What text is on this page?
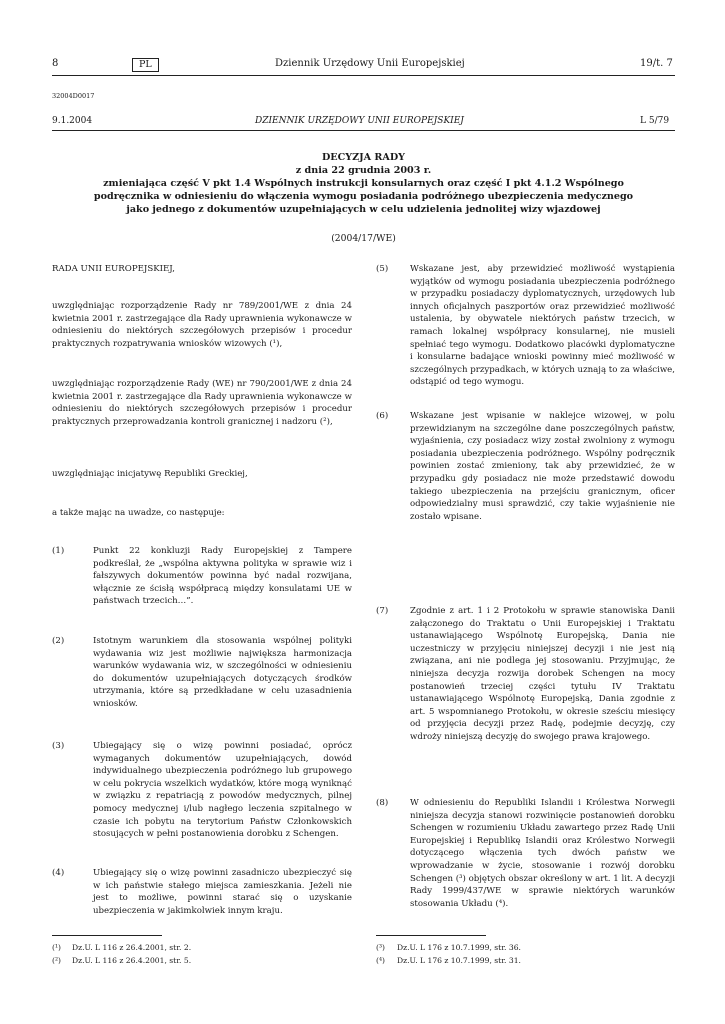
8	PL	Dziennik Urzędowy Unii Europejskiej	19/t. 7
32004D0017
9.1.2004	DZIENNIK URZĘDOWY UNII EUROPEJSKIEJ	L 5/79
DECYZJA RADY
z dnia 22 grudnia 2003 r.
zmieniająca część V pkt 1.4 Wspólnych instrukcji konsularnych oraz część I pkt 4.1.2 Wspólnego
podręcznika w odniesieniu do włączenia wymogu posiadania podróżnego ubezpieczenia medycznego
jako jednego z dokumentów uzupełniających w celu udzielenia jednolitej wizy wjazdowej
(2004/17/WE)
RADA UNII EUROPEJSKIEJ,
uwzględniając rozporządzenie Rady nr 789/2001/WE z dnia 24 kwietnia 2001 r. zastrzegające dla Rady uprawnienia wykonawcze w odniesieniu do niektórych szczegółowych przepisów i procedur praktycznych rozpatrywania wniosków wizowych (¹),
uwzględniając rozporządzenie Rady (WE) nr 790/2001/WE z dnia 24 kwietnia 2001 r. zastrzegające dla Rady uprawnienia wykonawcze w odniesieniu do niektórych szczegółowych przepisów i procedur praktycznych przeprowadzania kontroli granicznej i nadzoru (²),
uwzględniając inicjatywę Republiki Greckiej,
a także mając na uwadze, co następuje:
(1)	Punkt 22 konkluzji Rady Europejskiej z Tampere podkreślał, że „wspólna aktywna polityka w sprawie wiz i fałszywych dokumentów powinna być nadal rozwijana, włącznie ze ścisłą współpracą między konsulatami UE w państwach trzecich…”.
(2)	Istotnym warunkiem dla stosowania wspólnej polityki wydawania wiz jest możliwie największa harmonizacja warunków wydawania wiz, w szczególności w odniesieniu do dokumentów uzupełniających dotyczących środków utrzymania, które są przedkładane w celu uzasadnienia wniosków.
(3)	Ubiegający się o wizę powinni posiadać, oprócz wymaganych dokumentów uzupełniających, dowód indywidualnego ubezpieczenia podróżnego lub grupowego w celu pokrycia wszelkich wydatków, które mogą wyniknąć w związku z repatriacją z powodów medycznych, pilnej pomocy medycznej i/lub nagłego leczenia szpitalnego w czasie ich pobytu na terytorium Państw Członkowskich stosujących w pełni postanowienia dorobku z Schengen.
(4)	Ubiegający się o wizę powinni zasadniczo ubezpieczyć się w ich państwie stałego miejsca zamieszkania. Jeżeli nie jest to możliwe, powinni starać się o uzyskanie ubezpieczenia w jakimkolwiek innym kraju.
(¹) Dz.U. L 116 z 26.4.2001, str. 2.
(²) Dz.U. L 116 z 26.4.2001, str. 5.
(5)	Wskazane jest, aby przewidzieć możliwość wystąpienia wyjątków od wymogu posiadania ubezpieczenia podróżnego w przypadku posiadaczy dyplomatycznych, urzędowych lub innych oficjalnych paszportów oraz przewidzieć możliwość ustalenia, by obywatele niektórych państw trzecich, w ramach lokalnej współpracy konsularnej, nie musieli spełniać tego wymogu. Dodatkowo placówki dyplomatyczne i konsularne badające wnioski powinny mieć możliwość w szczególnych przypadkach, w których uznają to za właściwe, odstąpić od tego wymogu.
(6)	Wskazane jest wpisanie w naklejce wizowej, w polu przewidzianym na szczególne dane poszczególnych państw, wyjaśnienia, czy posiadacz wizy został zwolniony z wymogu posiadania ubezpieczenia podróżnego. Wspólny podręcznik powinien zostać zmieniony, tak aby przewidzieć, że w przypadku gdy posiadacz nie może przedstawić dowodu takiego ubezpieczenia na przejściu granicznym, oficer odpowiedzialny musi sprawdzić, czy takie wyjaśnienie nie zostało wpisane.
(7)	Zgodnie z art. 1 i 2 Protokołu w sprawie stanowiska Danii załączonego do Traktatu o Unii Europejskiej i Traktatu ustanawiającego Wspólnotę Europejską, Dania nie uczestniczy w przyjęciu niniejszej decyzji i nie jest nią związana, ani nie podlega jej stosowaniu. Przyjmując, że niniejsza decyzja rozwija dorobek Schengen na mocy postanowień trzeciej części tytułu IV Traktatu ustanawiającego Wspólnotę Europejską, Dania zgodnie z art. 5 wspomnianego Protokołu, w okresie sześciu miesięcy od przyjęcia decyzji przez Radę, podejmie decyzję, czy wdroży niniejszą decyzję do swojego prawa krajowego.
(8)	W odniesieniu do Republiki Islandii i Królestwa Norwegii niniejsza decyzja stanowi rozwinięcie postanowień dorobku Schengen w rozumieniu Układu zawartego przez Radę Unii Europejskiej i Republikę Islandii oraz Królestwo Norwegii dotyczącego włączenia tych dwóch państw we wprowadzanie w życie, stosowanie i rozwój dorobku Schengen (³) objętych obszar określony w art. 1 lit. A decyzji Rady 1999/437/WE w sprawie niektórych warunków stosowania Układu (⁴).
(³) Dz.U. L 176 z 10.7.1999, str. 36.
(⁴) Dz.U. L 176 z 10.7.1999, str. 31.
